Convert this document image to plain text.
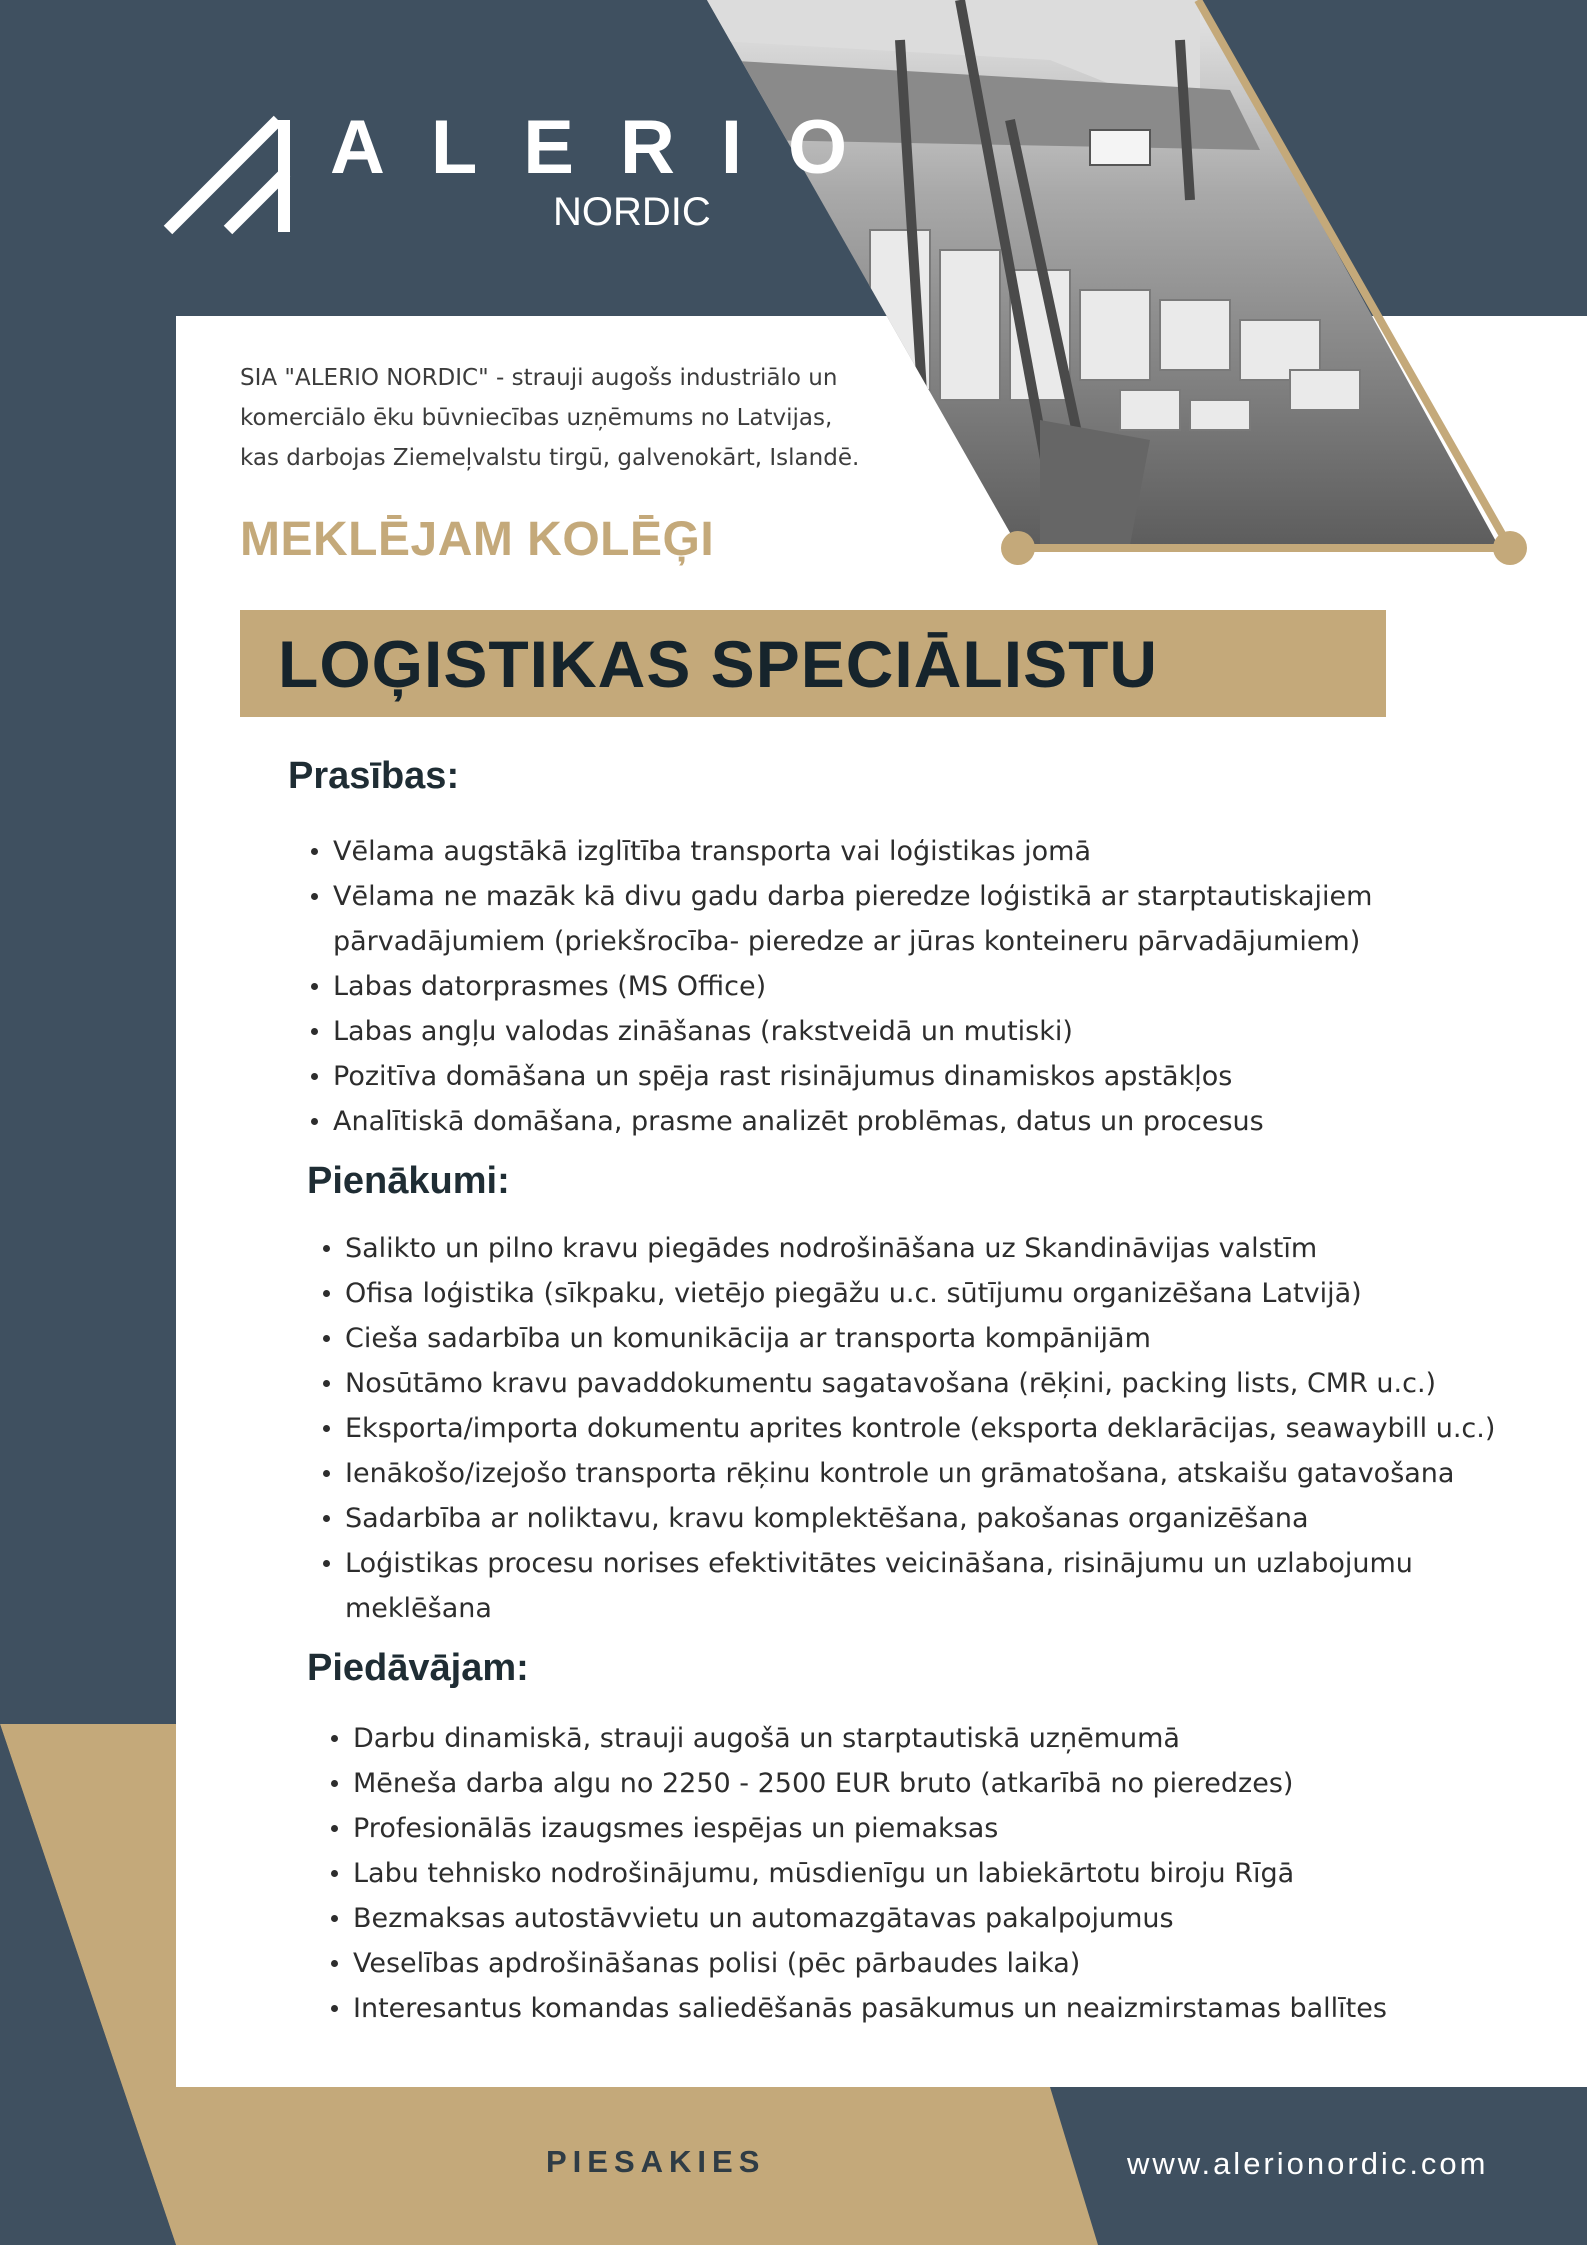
ALERIO
NORDIC

SIA "ALERIO NORDIC" - strauji augošs industriālo un

komerciālo ēku būvniecības uzņēmums no Latvijas,

kas darbojas Ziemeļvalstu tirgū, galvenokārt, Islandē.

MEKLĒJAM KOLĒĢI
LOĢISTIKAS SPECIĀLISTU
Prasības:
Vēlama augstākā izglītība transporta vai loģistikas jomā
Vēlama ne mazāk kā divu gadu darba pieredze loģistikā ar starptautiskajiem
pārvadājumiem (priekšrocība- pieredze ar jūras konteineru pārvadājumiem)
Labas datorprasmes (MS Office)
Labas angļu valodas zināšanas (rakstveidā un mutiski)
Pozitīva domāšana un spēja rast risinājumus dinamiskos apstākļos
Analītiskā domāšana, prasme analizēt problēmas, datus un procesus
Pienākumi:
Salikto un pilno kravu piegādes nodrošināšana uz Skandināvijas valstīm
Ofisa loģistika (sīkpaku, vietējo piegāžu u.c. sūtījumu organizēšana Latvijā)
Cieša sadarbība un komunikācija ar transporta kompānijām
Nosūtāmo kravu pavaddokumentu sagatavošana (rēķini, packing lists, CMR u.c.)
Eksporta/importa dokumentu aprites kontrole (eksporta deklarācijas, seawaybill u.c.)
Ienākošo/izejošo transporta rēķinu kontrole un grāmatošana, atskaišu gatavošana
Sadarbība ar noliktavu, kravu komplektēšana, pakošanas organizēšana
Loģistikas procesu norises efektivitātes veicināšana, risinājumu un uzlabojumu
meklēšana
Piedāvājam:
Darbu dinamiskā, strauji augošā un starptautiskā uzņēmumā
Mēneša darba algu no 2250 - 2500 EUR bruto (atkarībā no pieredzes)
Profesionālās izaugsmes iespējas un piemaksas
Labu tehnisko nodrošinājumu, mūsdienīgu un labiekārtotu biroju Rīgā
Bezmaksas autostāvvietu un automazgātavas pakalpojumus
Veselības apdrošināšanas polisi (pēc pārbaudes laika)
Interesantus komandas saliedēšanās pasākumus un neaizmirstamas ballītes
PIESAKIES	www.alerionordic.com
